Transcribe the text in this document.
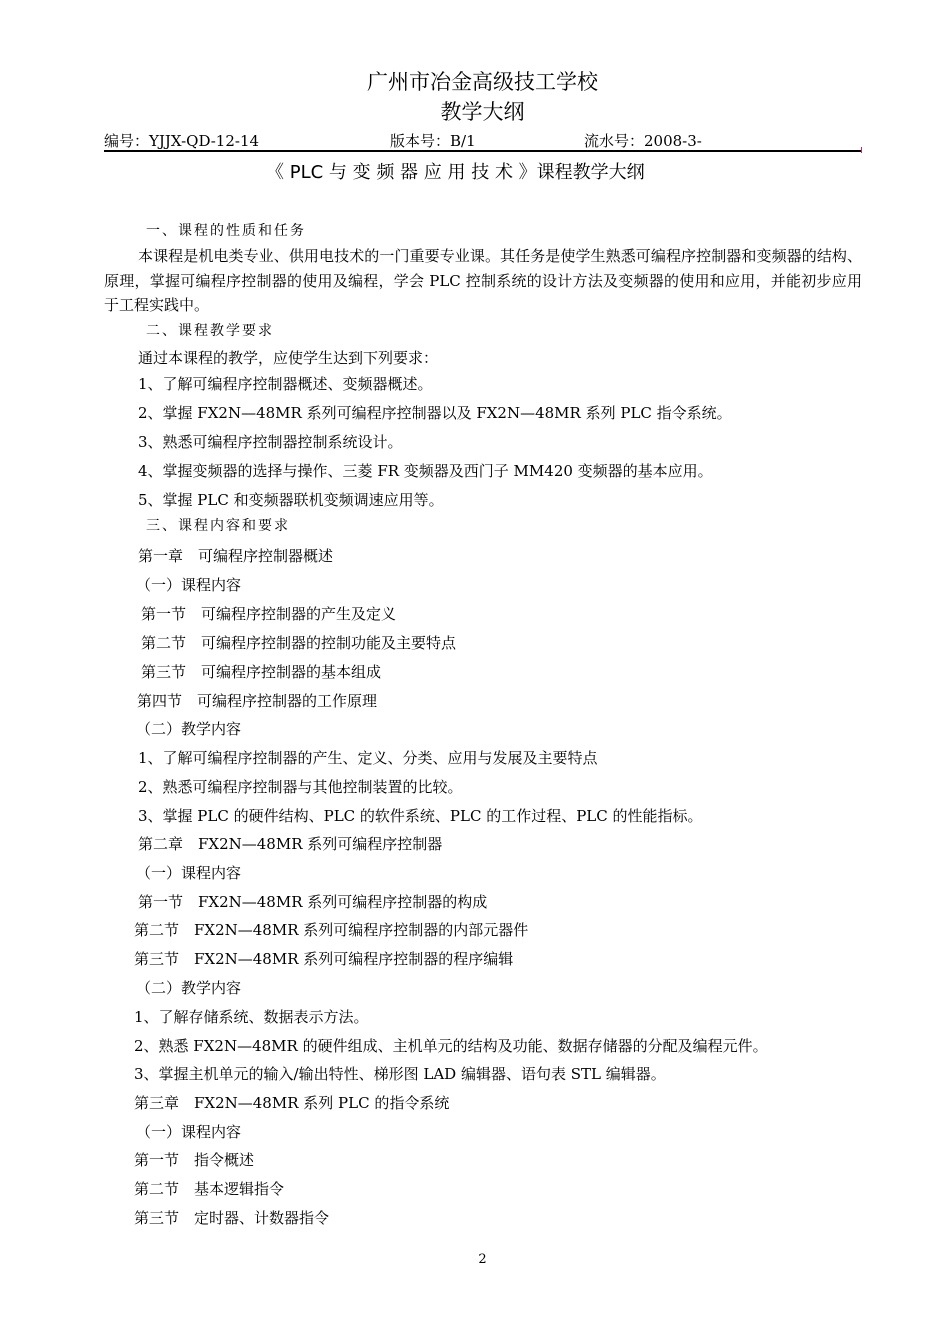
广州市冶金高级技工学校
教学大纲
编号：YJJX-QD-12-14	版本号：B/1	流水号：2008-3-
《 PLC 与 变 频 器 应 用 技 术 》课程教学大纲
一、课程的性质和任务
本课程是机电类专业、供用电技术的一门重要专业课。其任务是使学生熟悉可编程序控制器和变频器的结构、原理，掌握可编程序控制器的使用及编程，学会 PLC 控制系统的设计方法及变频器的使用和应用，并能初步应用于工程实践中。
二、课程教学要求
通过本课程的教学，应使学生达到下列要求：
1、了解可编程序控制器概述、变频器概述。
2、掌握 FX2N—48MR 系列可编程序控制器以及 FX2N—48MR 系列 PLC 指令系统。
3、熟悉可编程序控制器控制系统设计。
4、掌握变频器的选择与操作、三菱 FR 变频器及西门子 MM420 变频器的基本应用。
5、掌握 PLC 和变频器联机变频调速应用等。
三、课程内容和要求
第一章　可编程序控制器概述
（一）课程内容
第一节　可编程序控制器的产生及定义
第二节　可编程序控制器的控制功能及主要特点
第三节　可编程序控制器的基本组成
第四节　可编程序控制器的工作原理
（二）教学内容
1、了解可编程序控制器的产生、定义、分类、应用与发展及主要特点
2、熟悉可编程序控制器与其他控制装置的比较。
3、掌握 PLC 的硬件结构、PLC 的软件系统、PLC 的工作过程、PLC 的性能指标。
第二章　FX2N—48MR 系列可编程序控制器
（一）课程内容
第一节　FX2N—48MR 系列可编程序控制器的构成
第二节　FX2N—48MR 系列可编程序控制器的内部元器件
第三节　FX2N—48MR 系列可编程序控制器的程序编辑
（二）教学内容
1、了解存储系统、数据表示方法。
2、熟悉 FX2N—48MR 的硬件组成、主机单元的结构及功能、数据存储器的分配及编程元件。
3、掌握主机单元的输入/输出特性、梯形图 LAD 编辑器、语句表 STL 编辑器。
第三章　FX2N—48MR 系列 PLC 的指令系统
（一）课程内容
第一节　指令概述
第二节　基本逻辑指令
第三节　定时器、计数器指令
2
